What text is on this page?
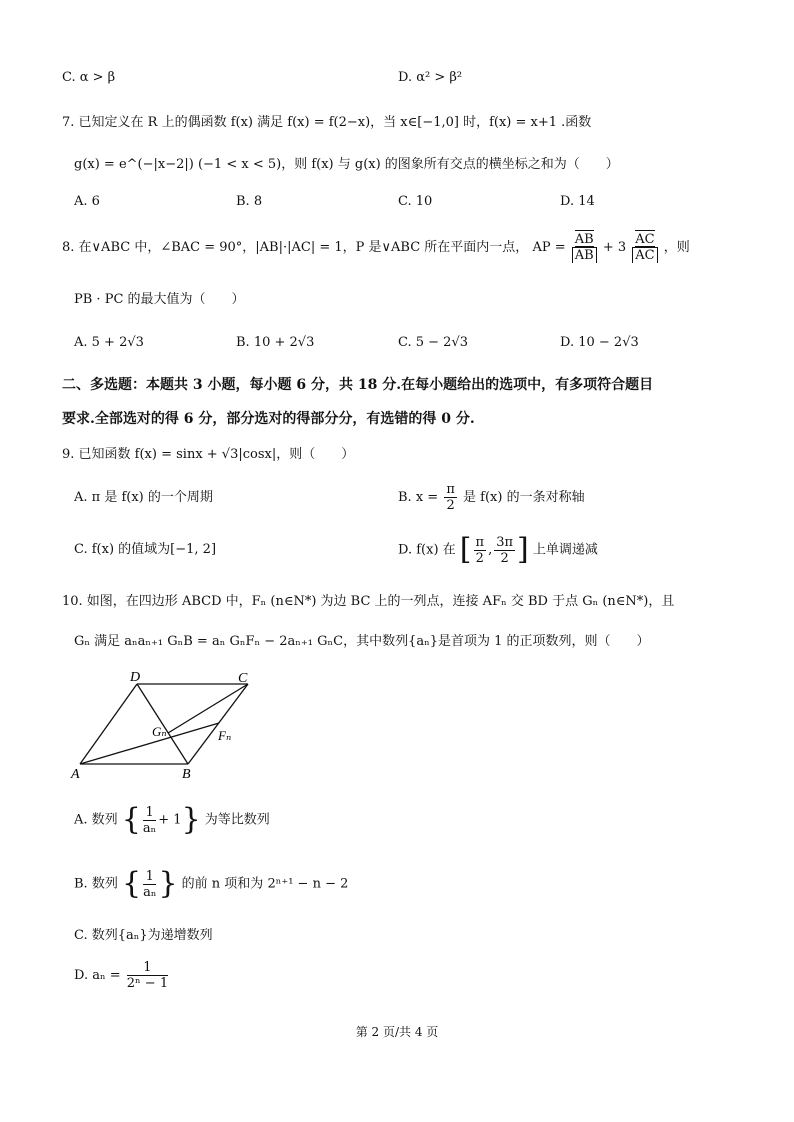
C. α > β	D. α² > β²
7. 已知定义在 R 上的偶函数 f(x) 满足 f(x) = f(2−x)，当 x∈[−1,0] 时，f(x) = x+1 .函数
g(x) = e^(−|x−2|) (−1 < x < 5)，则 f(x) 与 g(x) 的图象所有交点的横坐标之和为（　　）
A. 6	B. 8	C. 10	D. 14
8. 在∨ABC 中，∠BAC = 90°，|AB|·|AC| = 1，P 是∨ABC 所在平面内一点， AP = $\frac{AB}{AB} + 3 \frac{AC}{AC}$ ，则
PB · PC 的最大值为（　　）
A. 5 + 2√3	B. 10 + 2√3	C. 5 − 2√3	D. 10 − 2√3
二、多选题：本题共 3 小题，每小题 6 分，共 18 分.在每小题给出的选项中，有多项符合题目
要求.全部选对的得 6 分，部分选对的得部分分，有选错的得 0 分.
9. 已知函数 f(x) = sinx + √3|cosx|，则（　　）
A. π 是 f(x) 的一个周期	B. $x = \frac{\pi}{2}$ 是 f(x) 的一条对称轴
C. f(x) 的值域为[−1, 2]	D. f(x) 在 [ $\frac{\pi}{2}$ , $\frac{3\pi}{2}$ ] 上单调递减
10. 如图，在四边形 ABCD 中，Fₙ (n∈N*) 为边 BC 上的一列点，连接 AFₙ 交 BD 于点 Gₙ (n∈N*)，且
Gₙ 满足 aₙaₙ₊₁ GₙB = aₙ GₙFₙ − 2aₙ₊₁ GₙC，其中数列{aₙ}是首项为 1 的正项数列，则（　　）
D	C
Gₙ	Fₙ
A	B
A. 数列 { $\frac{1}{\text{aₙ}} + 1$} 为等比数列
B. 数列 { $\frac{1}{\text{aₙ}}$ } 的前 n 项和为 2ⁿ⁺¹ − n − 2
C. 数列{aₙ}为递增数列
D. $a_n = \frac{1}{\text{2ⁿ − 1}}$
第 2 页/共 4 页
